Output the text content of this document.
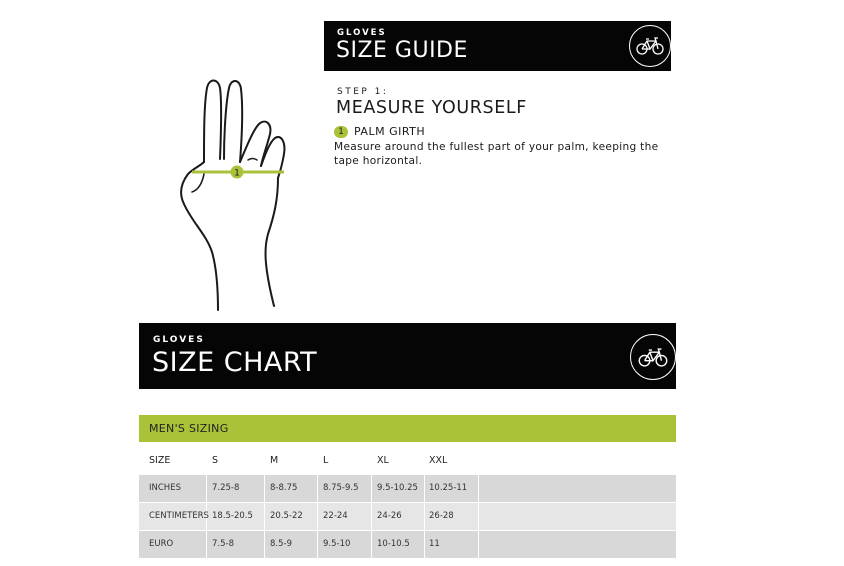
1
GLOVES
SIZE GUIDE
STEP 1:
MEASURE YOURSELF
1 PALM GIRTH
Measure around the fullest part of your palm, keeping the tape horizontal.
GLOVES
SIZE CHART
MEN'S SIZING
SIZE	S	M	L	XL	XXL
INCHES	7.25-8	8-8.75	8.75-9.5 9.5-10.25 10.25-11
CENTIMETERS 18.5-20.5 20.5-22 22-24	24-26	26-28
EURO	7.5-8	8.5-9	9.5-10	10-10.5 11
